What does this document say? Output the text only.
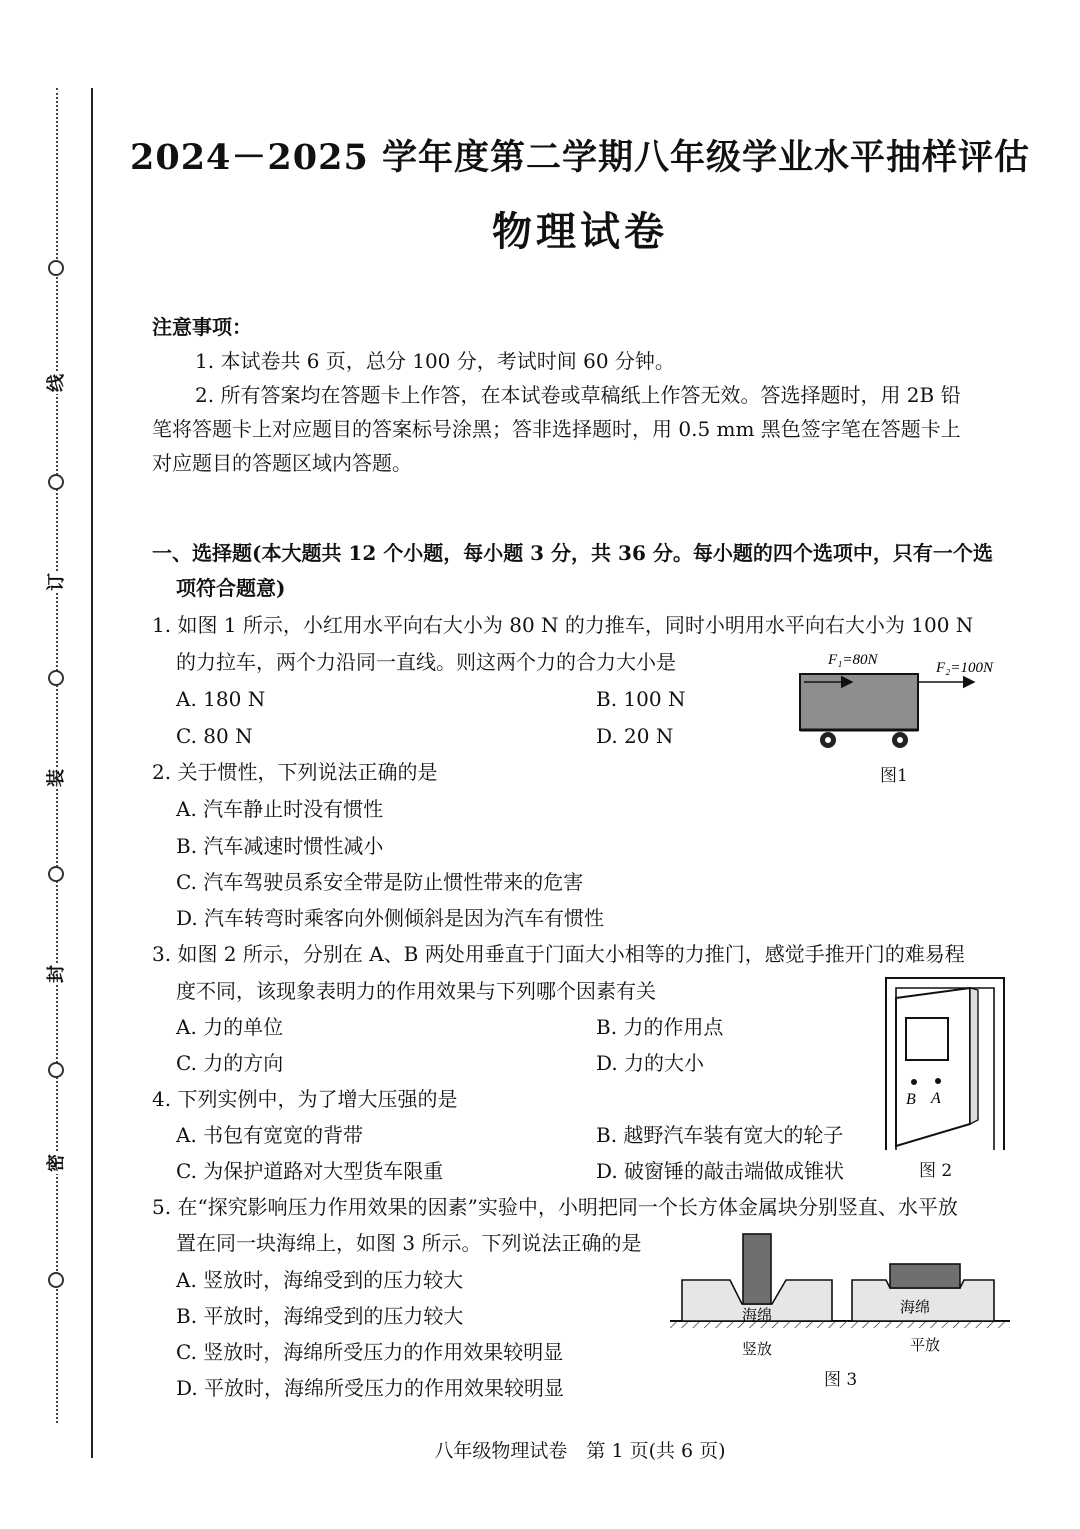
线
订
装
封
密
2024－2025 学年度第二学期八年级学业水平抽样评估
物理试卷
注意事项：
1. 本试卷共 6 页，总分 100 分，考试时间 60 分钟。
2. 所有答案均在答题卡上作答，在本试卷或草稿纸上作答无效。答选择题时，用 2B 铅
笔将答题卡上对应题目的答案标号涂黑；答非选择题时，用 0.5 mm 黑色签字笔在答题卡上
对应题目的答题区域内答题。
一、选择题(本大题共 12 个小题，每小题 3 分，共 36 分。每小题的四个选项中，只有一个选
项符合题意)
1. 如图 1 所示，小红用水平向右大小为 80 N 的力推车，同时小明用水平向右大小为 100 N
的力拉车，两个力沿同一直线。则这两个力的合力大小是
A. 180 N	B. 100 N
C. 80 N	D. 20 N
F₁=80N	F₂=100N
图1
2. 关于惯性，下列说法正确的是
A. 汽车静止时没有惯性
B. 汽车减速时惯性减小
C. 汽车驾驶员系安全带是防止惯性带来的危害
D. 汽车转弯时乘客向外侧倾斜是因为汽车有惯性
3. 如图 2 所示，分别在 A、B 两处用垂直于门面大小相等的力推门，感觉手推开门的难易程
度不同，该现象表明力的作用效果与下列哪个因素有关
A. 力的单位	B. 力的作用点
C. 力的方向	D. 力的大小
B A
图 2
4. 下列实例中，为了增大压强的是
A. 书包有宽宽的背带	B. 越野汽车装有宽大的轮子
C. 为保护道路对大型货车限重	D. 破窗锤的敲击端做成锥状
5. 在“探究影响压力作用效果的因素”实验中，小明把同一个长方体金属块分别竖直、水平放
置在同一块海绵上，如图 3 所示。下列说法正确的是
A. 竖放时，海绵受到的压力较大
B. 平放时，海绵受到的压力较大
C. 竖放时，海绵所受压力的作用效果较明显
D. 平放时，海绵所受压力的作用效果较明显
海绵	海绵
竖放	平放
图 3
八年级物理试卷　第 1 页(共 6 页)
